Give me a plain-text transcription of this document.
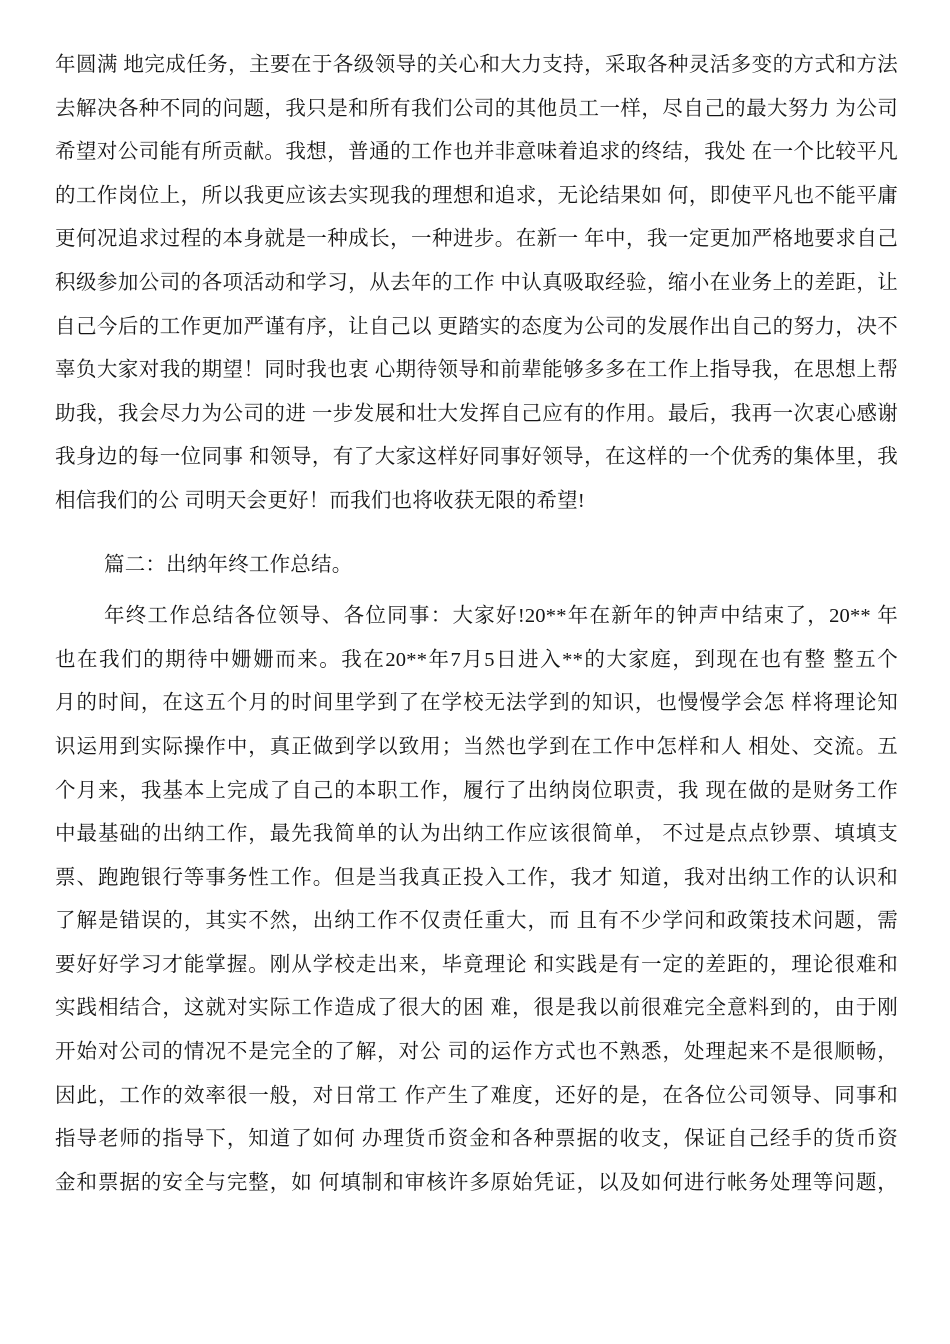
年圆满 地完成任务，主要在于各级领导的关心和大力支持，采取各种灵活多变的方式和方法
去解决各种不同的问题，我只是和所有我们公司的其他员工一样，尽自己的最大努力 为公司
希望对公司能有所贡献。我想，普通的工作也并非意味着追求的终结，我处 在一个比较平凡
的工作岗位上，所以我更应该去实现我的理想和追求，无论结果如 何，即使平凡也不能平庸
更何况追求过程的本身就是一种成长，一种进步。在新一 年中，我一定更加严格地要求自己
积级参加公司的各项活动和学习，从去年的工作 中认真吸取经验，缩小在业务上的差距，让
自己今后的工作更加严谨有序，让自己以 更踏实的态度为公司的发展作出自己的努力，决不
辜负大家对我的期望！同时我也衷 心期待领导和前辈能够多多在工作上指导我，在思想上帮
助我，我会尽力为公司的进 一步发展和壮大发挥自己应有的作用。最后，我再一次衷心感谢
我身边的每一位同事 和领导，有了大家这样好同事好领导，在这样的一个优秀的集体里，我
相信我们的公 司明天会更好！而我们也将收获无限的希望!
篇二：出纳年终工作总结。
年终工作总结各位领导、各位同事：大家好!20**年在新年的钟声中结束了，20** 年
也在我们的期待中姗姗而来。我在20**年7月5日进入**的大家庭，到现在也有整 整五个
月的时间，在这五个月的时间里学到了在学校无法学到的知识，也慢慢学会怎 样将理论知
识运用到实际操作中，真正做到学以致用；当然也学到在工作中怎样和人 相处、交流。五
个月来，我基本上完成了自己的本职工作，履行了出纳岗位职责，我 现在做的是财务工作
中最基础的出纳工作，最先我简单的认为出纳工作应该很简单， 不过是点点钞票、填填支
票、跑跑银行等事务性工作。但是当我真正投入工作，我才 知道，我对出纳工作的认识和
了解是错误的，其实不然，出纳工作不仅责任重大，而 且有不少学问和政策技术问题，需
要好好学习才能掌握。刚从学校走出来，毕竟理论 和实践是有一定的差距的，理论很难和
实践相结合，这就对实际工作造成了很大的困 难，很是我以前很难完全意料到的，由于刚
开始对公司的情况不是完全的了解，对公 司的运作方式也不熟悉，处理起来不是很顺畅，
因此，工作的效率很一般，对日常工 作产生了难度，还好的是，在各位公司领导、同事和
指导老师的指导下，知道了如何 办理货币资金和各种票据的收支，保证自己经手的货币资
金和票据的安全与完整，如 何填制和审核许多原始凭证，以及如何进行帐务处理等问题，
